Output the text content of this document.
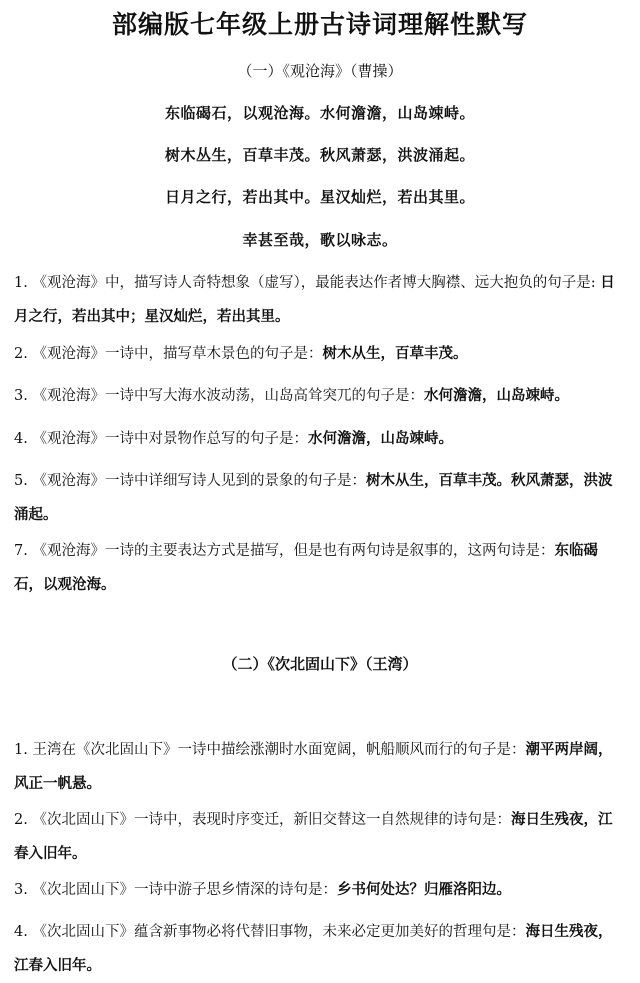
部编版七年级上册古诗词理解性默写
（一）《观沧海》（曹操）
东临碣石，以观沧海。水何澹澹，山岛竦峙。
树木丛生，百草丰茂。秋风萧瑟，洪波涌起。
日月之行，若出其中。星汉灿烂，若出其里。
幸甚至哉，歌以咏志。
1. 《观沧海》中，描写诗人奇特想象（虚写），最能表达作者博大胸襟、远大抱负的句子是: 日月之行，若出其中；星汉灿烂，若出其里。
2. 《观沧海》一诗中，描写草木景色的句子是：树木从生，百草丰茂。
3. 《观沧海》一诗中写大海水波动荡，山岛高耸突兀的句子是：水何澹澹，山岛竦峙。
4. 《观沧海》一诗中对景物作总写的句子是：水何澹澹，山岛竦峙。
5. 《观沧海》一诗中详细写诗人见到的景象的句子是：树木从生，百草丰茂。秋风萧瑟，洪波涌起。
7. 《观沧海》一诗的主要表达方式是描写，但是也有两句诗是叙事的，这两句诗是：东临碣石，以观沧海。
（二）《次北固山下》（王湾）
1. 王湾在《次北固山下》一诗中描绘涨潮时水面宽阔，帆船顺风而行的句子是：潮平两岸阔，风正一帆悬。
2. 《次北固山下》一诗中，表现时序变迁，新旧交替这一自然规律的诗句是：海日生残夜，江春入旧年。
3. 《次北固山下》一诗中游子思乡情深的诗句是：乡书何处达？归雁洛阳边。
4. 《次北固山下》蕴含新事物必将代替旧事物，未来必定更加美好的哲理句是：海日生残夜，江春入旧年。
